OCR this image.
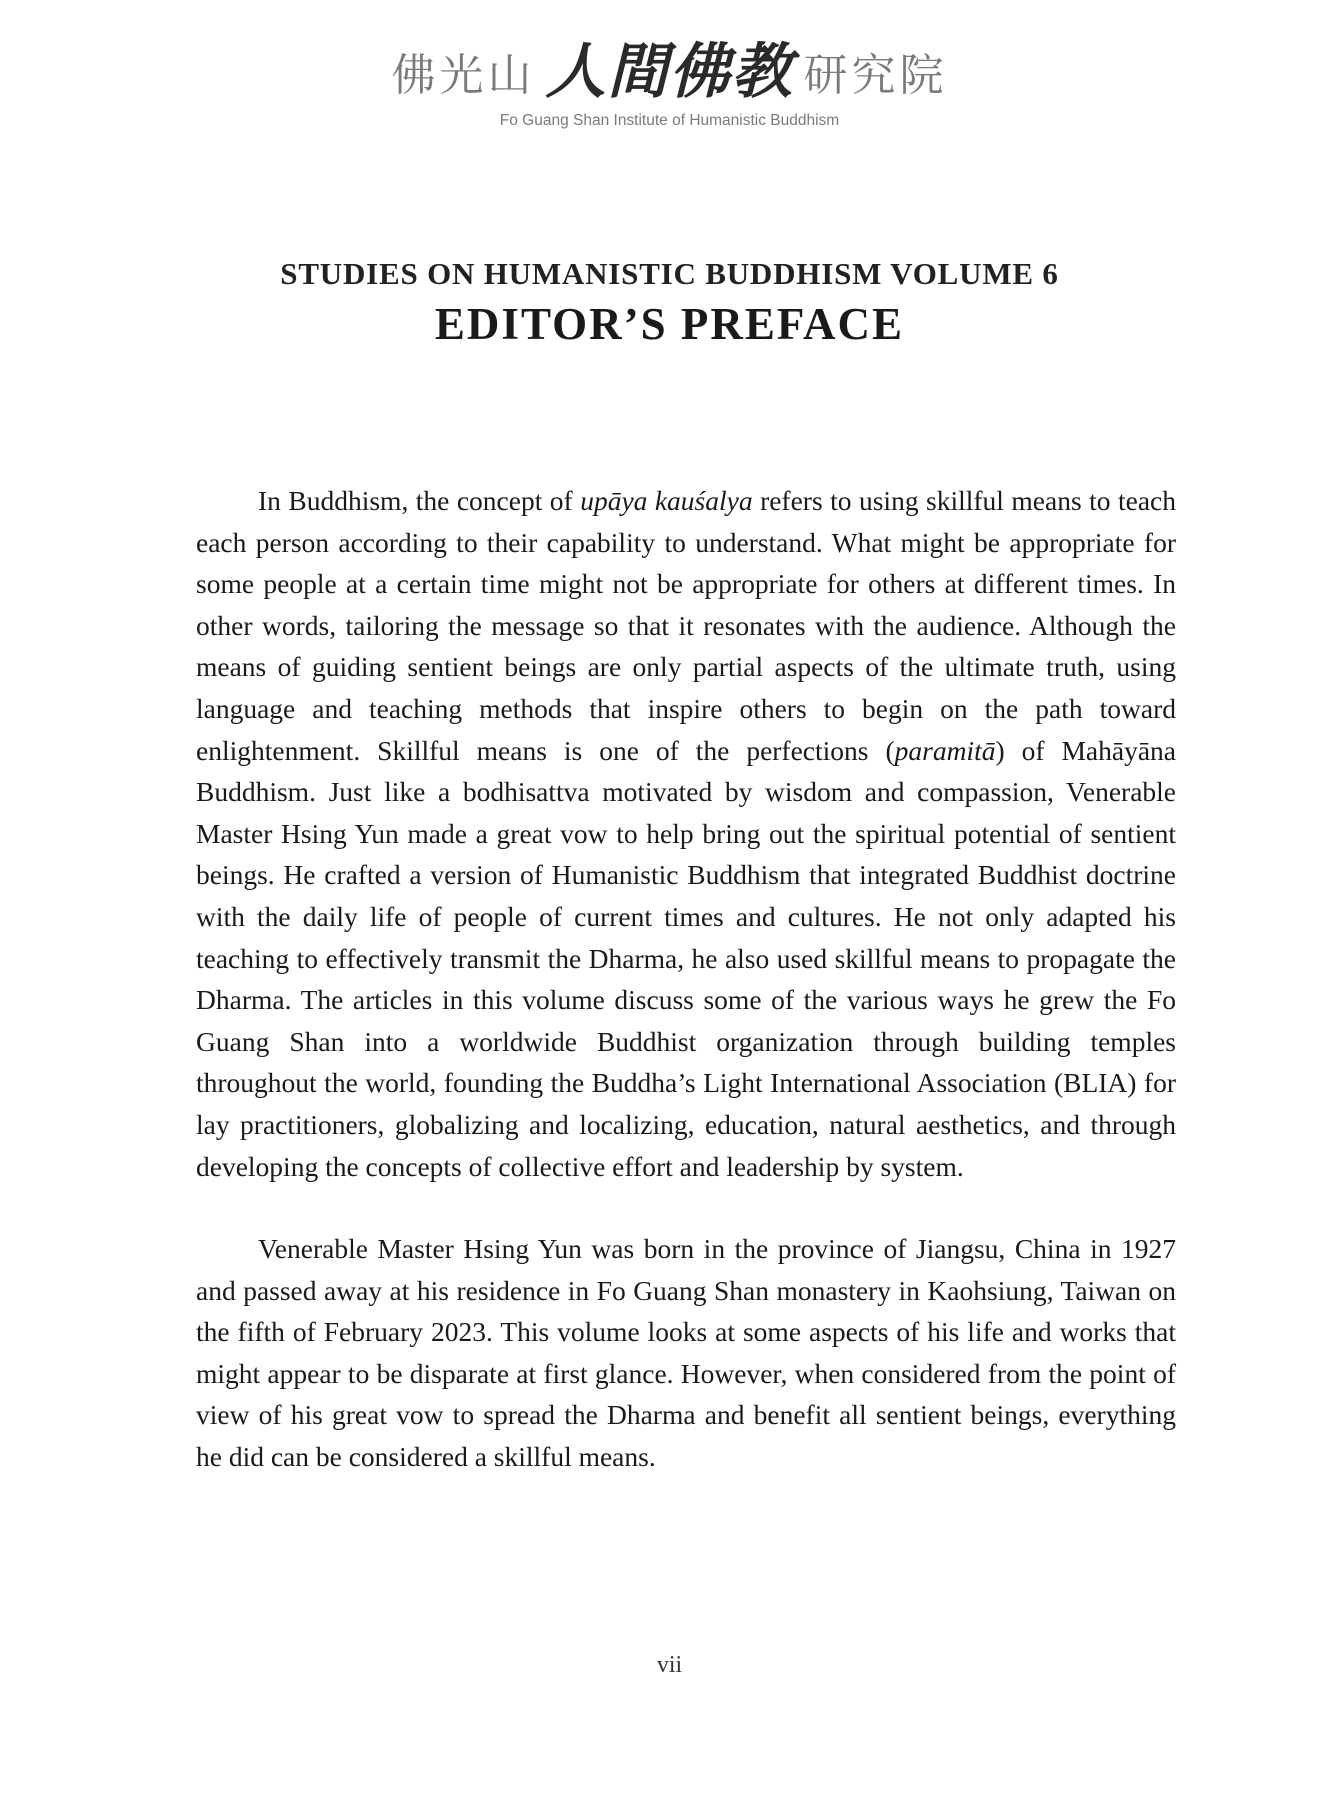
佛光山 人間佛教 研究院
Fo Guang Shan Institute of Humanistic Buddhism
STUDIES ON HUMANISTIC BUDDHISM VOLUME 6
EDITOR’S PREFACE

In Buddhism, the concept of upāya kauśalya refers to using skillful means to teach each person according to their capability to understand. What might be appropriate for some people at a certain time might not be appropriate for others at different times. In other words, tailoring the message so that it resonates with the audience. Although the means of guiding sentient beings are only partial aspects of the ultimate truth, using language and teaching methods that inspire others to begin on the path toward enlightenment. Skillful means is one of the perfections (paramitā) of Mahāyāna Buddhism. Just like a bodhisattva motivated by wisdom and compassion, Venerable Master Hsing Yun made a great vow to help bring out the spiritual potential of sentient beings. He crafted a version of Humanistic Buddhism that integrated Buddhist doctrine with the daily life of people of current times and cultures. He not only adapted his teaching to effectively transmit the Dharma, he also used skillful means to propagate the Dharma. The articles in this volume discuss some of the various ways he grew the Fo Guang Shan into a worldwide Buddhist organization through building temples throughout the world, founding the Buddha’s Light International Association (BLIA) for lay practitioners, globalizing and localizing, education, natural aesthetics, and through developing the concepts of collective effort and leadership by system.

Venerable Master Hsing Yun was born in the province of Jiangsu, China in 1927 and passed away at his residence in Fo Guang Shan monastery in Kaohsiung, Taiwan on the fifth of February 2023. This volume looks at some aspects of his life and works that might appear to be disparate at first glance. However, when considered from the point of view of his great vow to spread the Dharma and benefit all sentient beings, everything he did can be considered a skillful means.

vii
